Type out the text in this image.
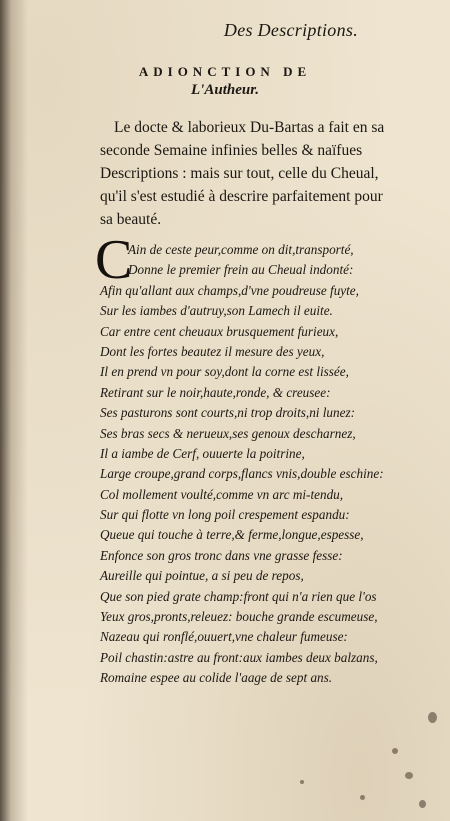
Des Descriptions.
ADIONCTION DE
L'Autheur.
Le docte & laborieux Du-Bartas a fait en sa
seconde Semaine infinies belles & naïfues
Descriptions : mais sur tout, celle du Cheual,
qu'il s'est estudié à descrire parfaitement pour
sa beauté.
C
Ain de ceste peur,comme on dit,transporté,
Donne le premier frein au Cheual indonté:
Afin qu'allant aux champs,d'vne poudreuse fuyte,
Sur les iambes d'autruy,son Lamech il euite.
Car entre cent cheuaux brusquement furieux,
Dont les fortes beautez il mesure des yeux,
Il en prend vn pour soy,dont la corne est lissée,
Retirant sur le noir,haute,ronde, & creusee:
Ses pasturons sont courts,ni trop droits,ni lunez:
Ses bras secs & nerueux,ses genoux descharnez,
Il a iambe de Cerf, ouuerte la poitrine,
Large croupe,grand corps,flancs vnis,double eschine:
Col mollement voulté,comme vn arc mi-tendu,
Sur qui flotte vn long poil crespement espandu:
Queue qui touche à terre,& ferme,longue,espesse,
Enfonce son gros tronc dans vne grasse fesse:
Aureille qui pointue, a si peu de repos,
Que son pied grate champ:front qui n'a rien que l'os
Yeux gros,pronts,releuez: bouche grande escumeuse,
Nazeau qui ronflé,ouuert,vne chaleur fumeuse:
Poil chastin:astre au front:aux iambes deux balzans,
Romaine espee au colide l'aage de sept ans.
